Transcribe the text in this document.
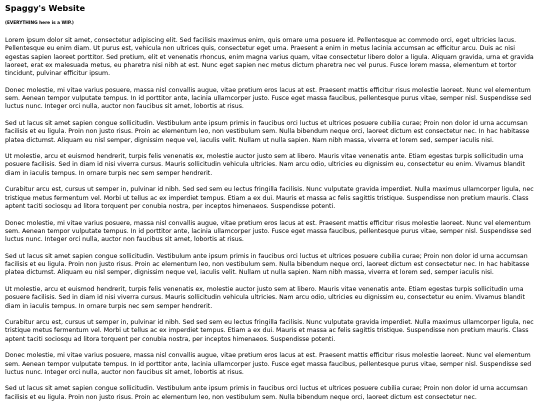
Spaggy's Website
(EVERYTHING here is a WIP.)

Lorem ipsum dolor sit amet, consectetur adipiscing elit. Sed facilisis maximus enim, quis ornare urna posuere id. Pellentesque ac commodo orci, eget ultricies lacus. Pellentesque eu enim diam. Ut purus est, vehicula non ultrices quis, consectetur eget urna. Praesent a enim in metus lacinia accumsan ac efficitur arcu. Duis ac nisi egestas sapien laoreet porttitor. Sed pretium, elit et venenatis rhoncus, enim magna varius quam, vitae consectetur libero dolor a ligula. Aliquam gravida, urna et gravida laoreet, erat ex malesuada metus, eu pharetra nisi nibh at est. Nunc eget sapien nec metus dictum pharetra nec vel purus. Fusce lorem massa, elementum et tortor tincidunt, pulvinar efficitur ipsum.

Donec molestie, mi vitae varius posuere, massa nisl convallis augue, vitae pretium eros lacus at est. Praesent mattis efficitur risus molestie laoreet. Nunc vel elementum sem. Aenean tempor vulputate tempus. In id porttitor ante, lacinia ullamcorper justo. Fusce eget massa faucibus, pellentesque purus vitae, semper nisl. Suspendisse sed luctus nunc. Integer orci nulla, auctor non faucibus sit amet, lobortis at risus.

Sed ut lacus sit amet sapien congue sollicitudin. Vestibulum ante ipsum primis in faucibus orci luctus et ultrices posuere cubilia curae; Proin non dolor id urna accumsan facilisis et eu ligula. Proin non justo risus. Proin ac elementum leo, non vestibulum sem. Nulla bibendum neque orci, laoreet dictum est consectetur nec. In hac habitasse platea dictumst. Aliquam eu nisl semper, dignissim neque vel, iaculis velit. Nullam ut nulla sapien. Nam nibh massa, viverra et lorem sed, semper iaculis nisi.

Ut molestie, arcu et euismod hendrerit, turpis felis venenatis ex, molestie auctor justo sem at libero. Mauris vitae venenatis ante. Etiam egestas turpis sollicitudin urna posuere facilisis. Sed in diam id nisi viverra cursus. Mauris sollicitudin vehicula ultricies. Nam arcu odio, ultricies eu dignissim eu, consectetur eu enim. Vivamus blandit diam in iaculis tempus. In ornare turpis nec sem semper hendrerit.

Curabitur arcu est, cursus ut semper in, pulvinar id nibh. Sed sed sem eu lectus fringilla facilisis. Nunc vulputate gravida imperdiet. Nulla maximus ullamcorper ligula, nec tristique metus fermentum vel. Morbi ut tellus ac ex imperdiet tempus. Etiam a ex dui. Mauris et massa ac felis sagittis tristique. Suspendisse non pretium mauris. Class aptent taciti sociosqu ad litora torquent per conubia nostra, per inceptos himenaeos. Suspendisse potenti.

Donec molestie, mi vitae varius posuere, massa nisl convallis augue, vitae pretium eros lacus at est. Praesent mattis efficitur risus molestie laoreet. Nunc vel elementum sem. Aenean tempor vulputate tempus. In id porttitor ante, lacinia ullamcorper justo. Fusce eget massa faucibus, pellentesque purus vitae, semper nisl. Suspendisse sed luctus nunc. Integer orci nulla, auctor non faucibus sit amet, lobortis at risus.

Sed ut lacus sit amet sapien congue sollicitudin. Vestibulum ante ipsum primis in faucibus orci luctus et ultrices posuere cubilia curae; Proin non dolor id urna accumsan facilisis et eu ligula. Proin non justo risus. Proin ac elementum leo, non vestibulum sem. Nulla bibendum neque orci, laoreet dictum est consectetur nec. In hac habitasse platea dictumst. Aliquam eu nisl semper, dignissim neque vel, iaculis velit. Nullam ut nulla sapien. Nam nibh massa, viverra et lorem sed, semper iaculis nisi.

Ut molestie, arcu et euismod hendrerit, turpis felis venenatis ex, molestie auctor justo sem at libero. Mauris vitae venenatis ante. Etiam egestas turpis sollicitudin urna posuere facilisis. Sed in diam id nisi viverra cursus. Mauris sollicitudin vehicula ultricies. Nam arcu odio, ultricies eu dignissim eu, consectetur eu enim. Vivamus blandit diam in iaculis tempus. In ornare turpis nec sem semper hendrerit.

Curabitur arcu est, cursus ut semper in, pulvinar id nibh. Sed sed sem eu lectus fringilla facilisis. Nunc vulputate gravida imperdiet. Nulla maximus ullamcorper ligula, nec tristique metus fermentum vel. Morbi ut tellus ac ex imperdiet tempus. Etiam a ex dui. Mauris et massa ac felis sagittis tristique. Suspendisse non pretium mauris. Class aptent taciti sociosqu ad litora torquent per conubia nostra, per inceptos himenaeos. Suspendisse potenti.

Donec molestie, mi vitae varius posuere, massa nisl convallis augue, vitae pretium eros lacus at est. Praesent mattis efficitur risus molestie laoreet. Nunc vel elementum sem. Aenean tempor vulputate tempus. In id porttitor ante, lacinia ullamcorper justo. Fusce eget massa faucibus, pellentesque purus vitae, semper nisl. Suspendisse sed luctus nunc. Integer orci nulla, auctor non faucibus sit amet, lobortis at risus.

Sed ut lacus sit amet sapien congue sollicitudin. Vestibulum ante ipsum primis in faucibus orci luctus et ultrices posuere cubilia curae; Proin non dolor id urna accumsan facilisis et eu ligula. Proin non justo risus. Proin ac elementum leo, non vestibulum sem. Nulla bibendum neque orci, laoreet dictum est consectetur nec.
